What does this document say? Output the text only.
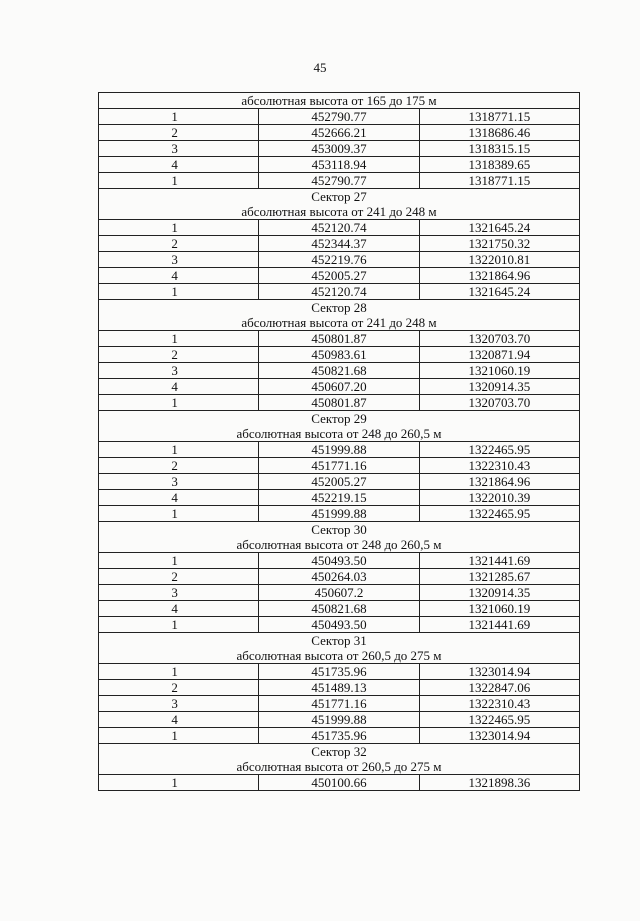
45
абсолютная высота от 165 до 175 м		

1	452790.77	1318771.15
2	452666.21	1318686.46
3	453009.37	1318315.15
4	453118.94	1318389.65
1	452790.77	1318771.15

Сектор 27
абсолютная высота от 241 до 248 м		

1	452120.74	1321645.24
2	452344.37	1321750.32
3	452219.76	1322010.81
4	452005.27	1321864.96
1	452120.74	1321645.24

Сектор 28
абсолютная высота от 241 до 248 м		

1	450801.87	1320703.70
2	450983.61	1320871.94
3	450821.68	1321060.19
4	450607.20	1320914.35
1	450801.87	1320703.70

Сектор 29
абсолютная высота от 248 до 260,5 м		

1	451999.88	1322465.95
2	451771.16	1322310.43
3	452005.27	1321864.96
4	452219.15	1322010.39
1	451999.88	1322465.95

Сектор 30
абсолютная высота от 248 до 260,5 м		

1	450493.50	1321441.69
2	450264.03	1321285.67
3	450607.2	1320914.35
4	450821.68	1321060.19
1	450493.50	1321441.69

Сектор 31
абсолютная высота от 260,5 до 275 м		

1	451735.96	1323014.94
2	451489.13	1322847.06
3	451771.16	1322310.43
4	451999.88	1322465.95
1	451735.96	1323014.94

Сектор 32
абсолютная высота от 260,5 до 275 м		

1	450100.66	1321898.36
